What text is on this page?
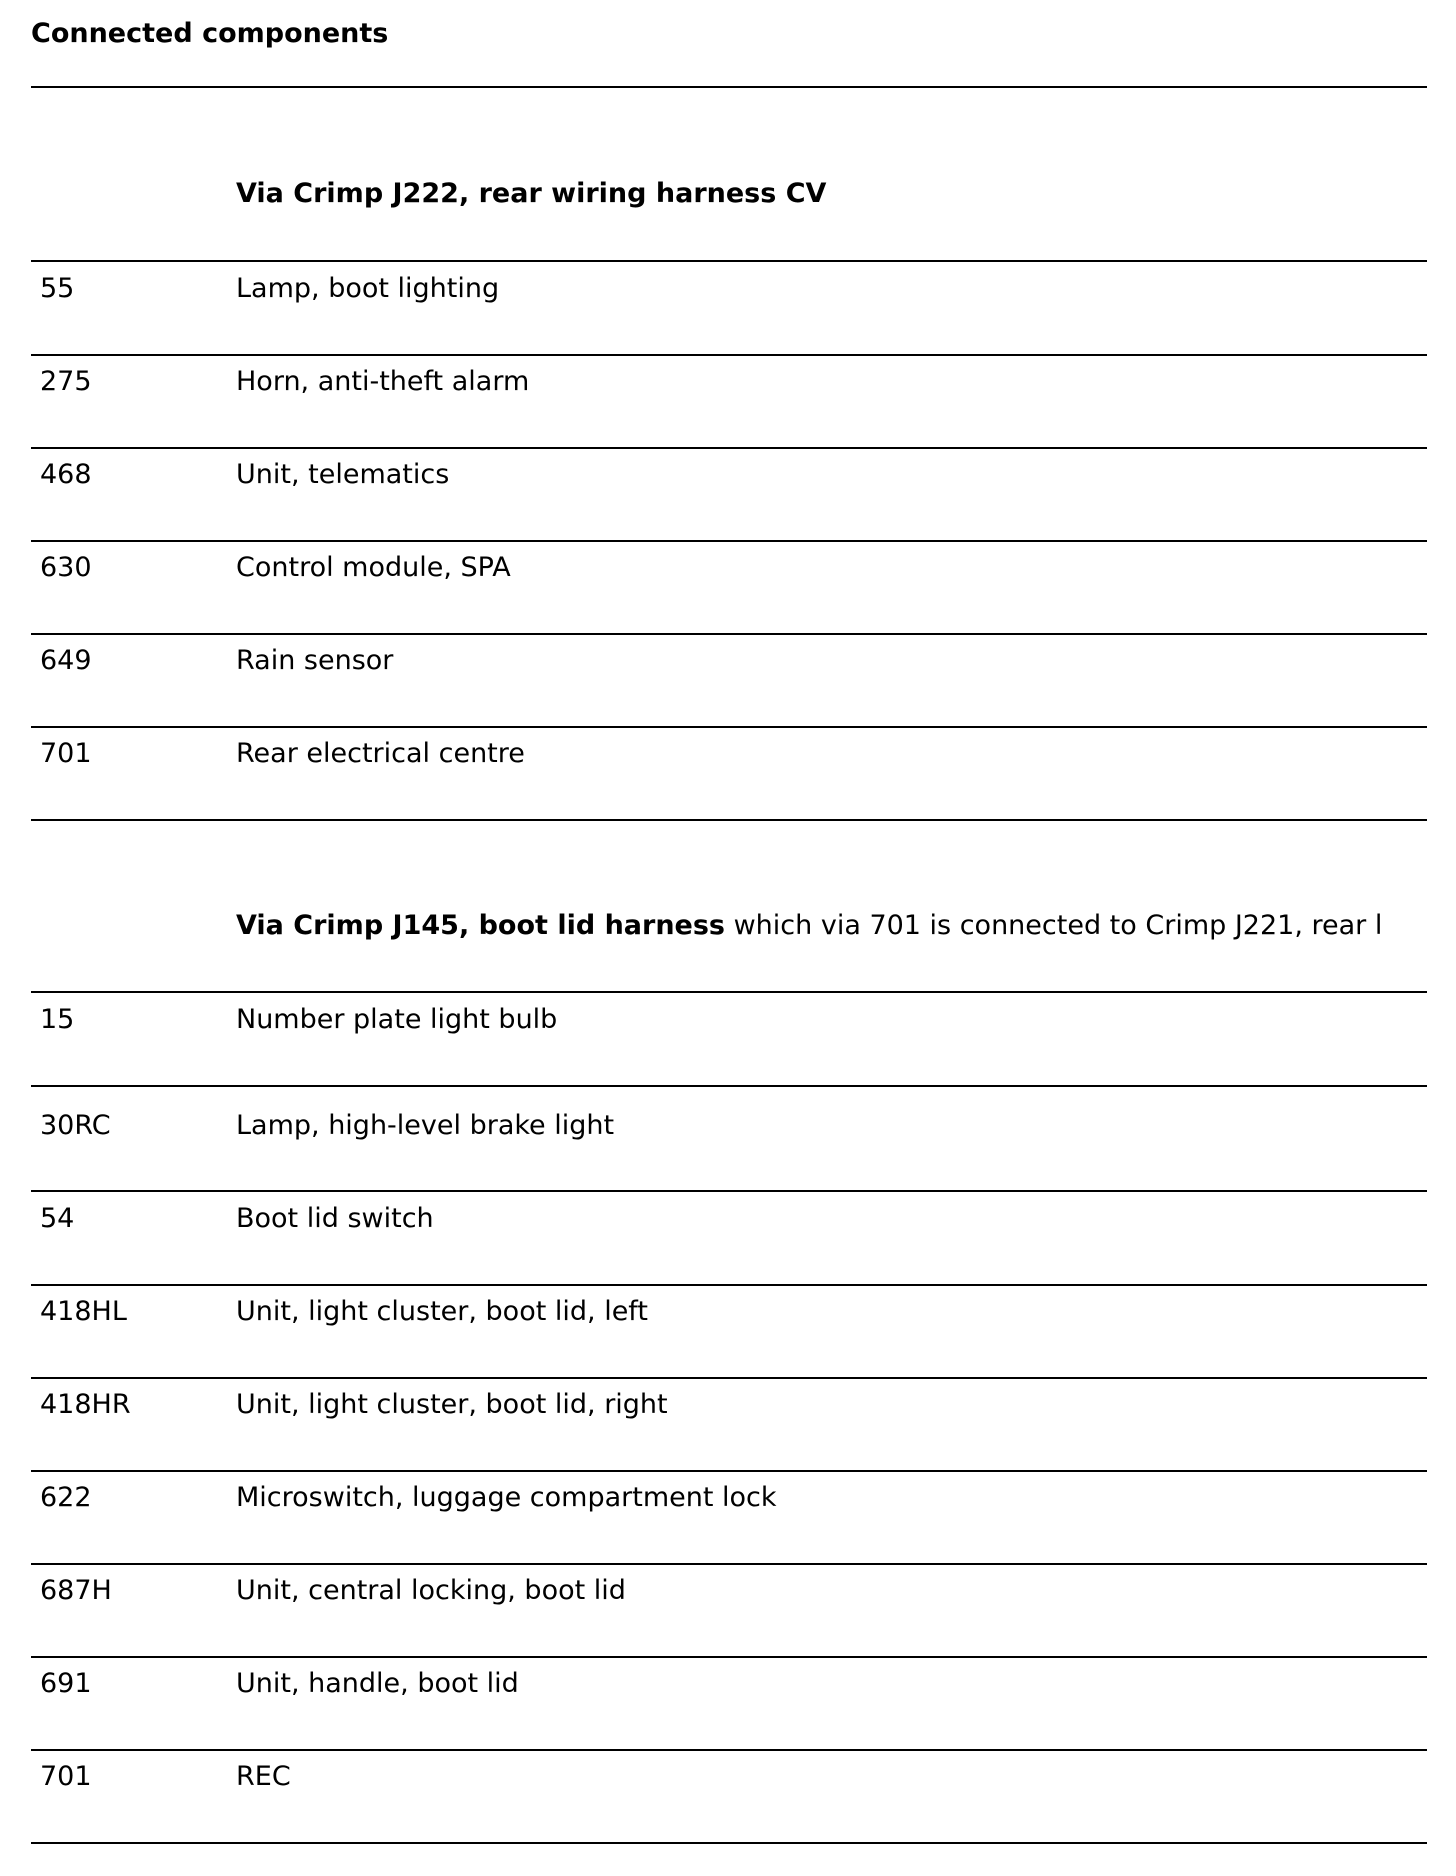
Connected components
Via Crimp J222, rear wiring harness CV
55	Lamp, boot lighting
275	Horn, anti-theft alarm
468	Unit, telematics
630	Control module, SPA
649	Rain sensor
701	Rear electrical centre
Via Crimp J145, boot lid harness which via 701 is connected to Crimp J221, rear l
15	Number plate light bulb
30RC	Lamp, high-level brake light
54	Boot lid switch
418HL	Unit, light cluster, boot lid, left
418HR	Unit, light cluster, boot lid, right
622	Microswitch, luggage compartment lock
687H	Unit, central locking, boot lid
691	Unit, handle, boot lid
701	REC
